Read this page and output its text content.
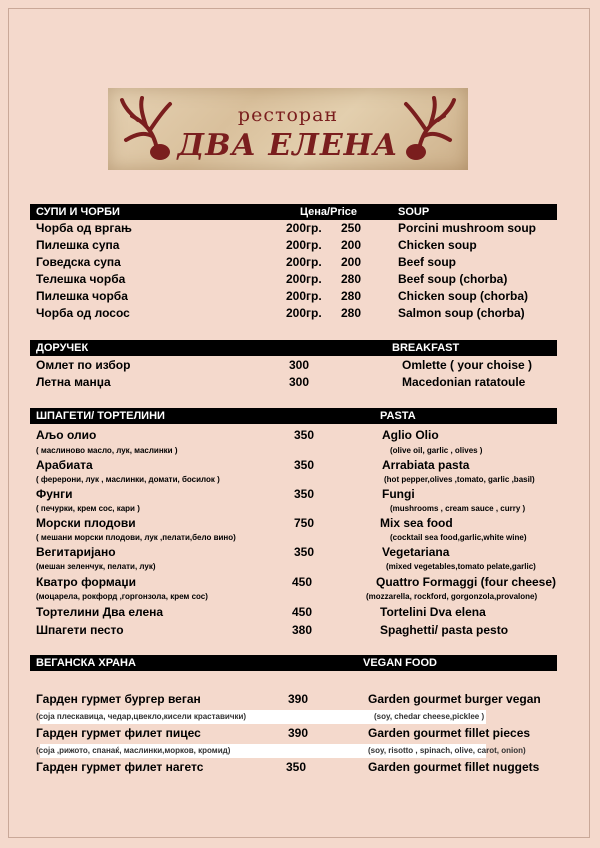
ресторан
ДВА ЕЛЕНА
СУПИ И ЧОРБИ	Цена/Price	SOUP
Чорба од вргањ	200гр. 250	Porcini mushroom soup
Пилешка супа	200гр. 200	Chicken soup
Говедска супа	200гр. 200	Beef soup
Телешка чорба	200гр. 280	Beef soup (chorba)
Пилешка чорба	200гр. 280	Chicken soup (chorba)
Чорба од лосос	200гр. 280	Salmon soup (chorba)
ДОРУЧЕК	BREAKFAST
Омлет по избор	300	Omlette ( your choise )
Летна манџа	300	Macedonian ratatoule
ШПАГЕТИ/ ТОРТЕЛИНИ	PASTA
Аљо олио	350	Aglio Olio
( маслиново масло, лук, маслинки )	(olive oil, garlic , olives )
Арабиата	350	Arrabiata pasta
( ферерони, лук , маслинки, домати, босилок )	(hot pepper,olives ,tomato, garlic ,basil)
Фунги	350	Fungi
( печурки, крем сос, кари )	(mushrooms , cream sauce , curry )
Морски плодови	750	Mix sea food
( мешани морски плодови, лук ,пелати,бело вино)	(cocktail sea food,garlic,white wine)
Вегитаријано	350	Vegetariana
(мешан зеленчук, пелати, лук)	(mixed vegetables,tomato pelate,garlic)
Кватро формаџи	450	Quattro Formaggi (four cheese)
(моцарела, рокфорд ,горгонзола, крем сос)	(mozzarella, rockford, gorgonzola,provalone)
Тортелини Два елена	450	Tortelini Dva elena
Шпагети песто	380	Spaghetti/ pasta pesto
ВЕГАНСКА ХРАНА	VEGAN FOOD
Гарден гурмет бургер веган	390	Garden gourmet burger vegan
(соја плескавица, чедар,цвекло,кисели краставички)	(soy, chedar cheese,picklee )
Гарден гурмет филет пицес	390	Garden gourmet fillet pieces
(соја ,рижото, спанаќ, маслинки,морков, кромид)	(soy, risotto , spinach, olive, carot, onion)
Гарден гурмет филет нагетс	350	Garden gourmet fillet nuggets
